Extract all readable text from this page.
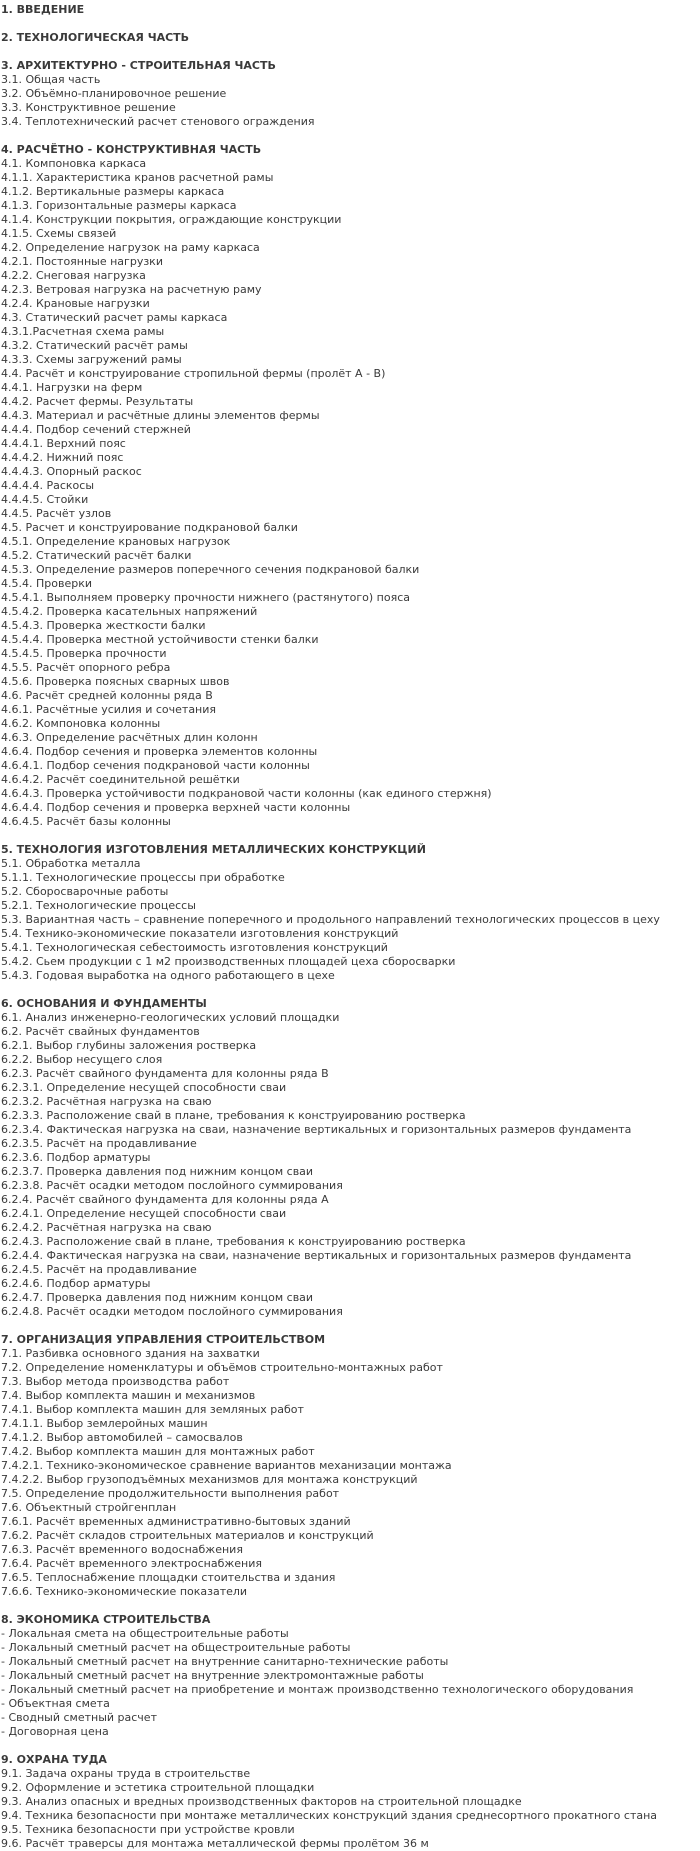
1. ВВЕДЕНИЕ
2. ТЕХНОЛОГИЧЕСКАЯ ЧАСТЬ
3. АРХИТЕКТУРНО - СТРОИТЕЛЬНАЯ ЧАСТЬ
3.1. Общая часть
3.2. Объёмно-планировочное решение
3.3. Конструктивное решение
3.4. Теплотехнический расчет стенового ограждения
4. РАСЧЁТНО - КОНСТРУКТИВНАЯ ЧАСТЬ
4.1. Компоновка каркаса
4.1.1. Характеристика кранов расчетной рамы
4.1.2. Вертикальные размеры каркаса
4.1.3. Горизонтальные размеры каркаса
4.1.4. Конструкции покрытия, ограждающие конструкции
4.1.5. Схемы связей
4.2. Определение нагрузок на раму каркаса
4.2.1. Постоянные нагрузки
4.2.2. Снеговая нагрузка
4.2.3. Ветровая нагрузка на расчетную раму
4.2.4. Крановые нагрузки
4.3. Статический расчет рамы каркаса
4.3.1.Расчетная схема рамы
4.3.2. Статический расчёт рамы
4.3.3. Схемы загружений рамы
4.4. Расчёт и конструирование стропильной фермы (пролёт А - В)
4.4.1. Нагрузки на ферм
4.4.2. Расчет фермы. Результаты
4.4.3. Материал и расчётные длины элементов фермы
4.4.4. Подбор сечений стержней
4.4.4.1. Верхний пояс
4.4.4.2. Нижний пояс
4.4.4.3. Опорный раскос
4.4.4.4. Раскосы
4.4.4.5. Стойки
4.4.5. Расчёт узлов
4.5. Расчет и конструирование подкрановой балки
4.5.1. Определение крановых нагрузок
4.5.2. Статический расчёт балки
4.5.3. Определение размеров поперечного сечения подкрановой балки
4.5.4. Проверки
4.5.4.1. Выполняем проверку прочности нижнего (растянутого) пояса
4.5.4.2. Проверка касательных напряжений
4.5.4.3. Проверка жесткости балки
4.5.4.4. Проверка местной устойчивости стенки балки
4.5.4.5. Проверка прочности
4.5.5. Расчёт опорного ребра
4.5.6. Проверка поясных сварных швов
4.6. Расчёт средней колонны ряда В
4.6.1. Расчётные усилия и сочетания
4.6.2. Компоновка колонны
4.6.3. Определение расчётных длин колонн
4.6.4. Подбор сечения и проверка элементов колонны
4.6.4.1. Подбор сечения подкрановой части колонны
4.6.4.2. Расчёт соединительной решётки
4.6.4.3. Проверка устойчивости подкрановой части колонны (как единого стержня)
4.6.4.4. Подбор сечения и проверка верхней части колонны
4.6.4.5. Расчёт базы колонны
5. ТЕХНОЛОГИЯ ИЗГОТОВЛЕНИЯ МЕТАЛЛИЧЕСКИХ КОНСТРУКЦИЙ
5.1. Обработка металла
5.1.1. Технологические процессы при обработке
5.2. Сборосварочные работы
5.2.1. Технологические процессы
5.3. Вариантная часть – сравнение поперечного и продольного направлений технологических процессов в цеху
5.4. Технико-экономические показатели изготовления конструкций
5.4.1. Технологическая себестоимость изготовления конструкций
5.4.2. Сьем продукции с 1 м2 производственных площадей цеха сборосварки
5.4.3. Годовая выработка на одного работающего в цехе
6. ОСНОВАНИЯ И ФУНДАМЕНТЫ
6.1. Анализ инженерно-геологических условий площадки
6.2. Расчёт свайных фундаментов
6.2.1. Выбор глубины заложения ростверка
6.2.2. Выбор несущего слоя
6.2.3. Расчёт свайного фундамента для колонны ряда В
6.2.3.1. Определение несущей способности сваи
6.2.3.2. Расчётная нагрузка на сваю
6.2.3.3. Расположение свай в плане, требования к конструированию ростверка
6.2.3.4. Фактическая нагрузка на сваи, назначение вертикальных и горизонтальных размеров фундамента
6.2.3.5. Расчёт на продавливание
6.2.3.6. Подбор арматуры
6.2.3.7. Проверка давления под нижним концом сваи
6.2.3.8. Расчёт осадки методом послойного суммирования
6.2.4. Расчёт свайного фундамента для колонны ряда А
6.2.4.1. Определение несущей способности сваи
6.2.4.2. Расчётная нагрузка на сваю
6.2.4.3. Расположение свай в плане, требования к конструированию ростверка
6.2.4.4. Фактическая нагрузка на сваи, назначение вертикальных и горизонтальных размеров фундамента
6.2.4.5. Расчёт на продавливание
6.2.4.6. Подбор арматуры
6.2.4.7. Проверка давления под нижним концом сваи
6.2.4.8. Расчёт осадки методом послойного суммирования
7. ОРГАНИЗАЦИЯ УПРАВЛЕНИЯ СТРОИТЕЛЬСТВОМ
7.1. Разбивка основного здания на захватки
7.2. Определение номенклатуры и объёмов строительно-монтажных работ
7.3. Выбор метода производства работ
7.4. Выбор комплекта машин и механизмов
7.4.1. Выбор комплекта машин для земляных работ
7.4.1.1. Выбор землеройных машин
7.4.1.2. Выбор автомобилей – самосвалов
7.4.2. Выбор комплекта машин для монтажных работ
7.4.2.1. Технико-экономическое сравнение вариантов механизации монтажа
7.4.2.2. Выбор грузоподъёмных механизмов для монтажа конструкций
7.5. Определение продолжительности выполнения работ
7.6. Объектный стройгенплан
7.6.1. Расчёт временных административно-бытовых зданий
7.6.2. Расчёт складов строительных материалов и конструкций
7.6.3. Расчёт временного водоснабжения
7.6.4. Расчёт временного электроснабжения
7.6.5. Теплоснабжение площадки стоительства и здания
7.6.6. Технико-экономические показатели
8. ЭКОНОМИКА СТРОИТЕЛЬСТВА
- Локальная смета на общестроительные работы
- Локальный сметный расчет на общестроительные работы
- Локальный сметный расчет на внутренние санитарно-технические работы
- Локальный сметный расчет на внутренние электромонтажные работы
- Локальный сметный расчет на приобретение и монтаж производственно технологического оборудования
- Объектная смета
- Сводный сметный расчет
- Договорная цена
9. ОХРАНА ТУДА
9.1. Задача охраны труда в строительстве
9.2. Оформление и эстетика строительной площадки
9.3. Анализ опасных и вредных производственных факторов на строительной площадке
9.4. Техника безопасности при монтаже металлических конструкций здания среднесортного прокатного стана
9.5. Техника безопасности при устройстве кровли
9.6. Расчёт траверсы для монтажа металлической фермы пролётом 36 м
